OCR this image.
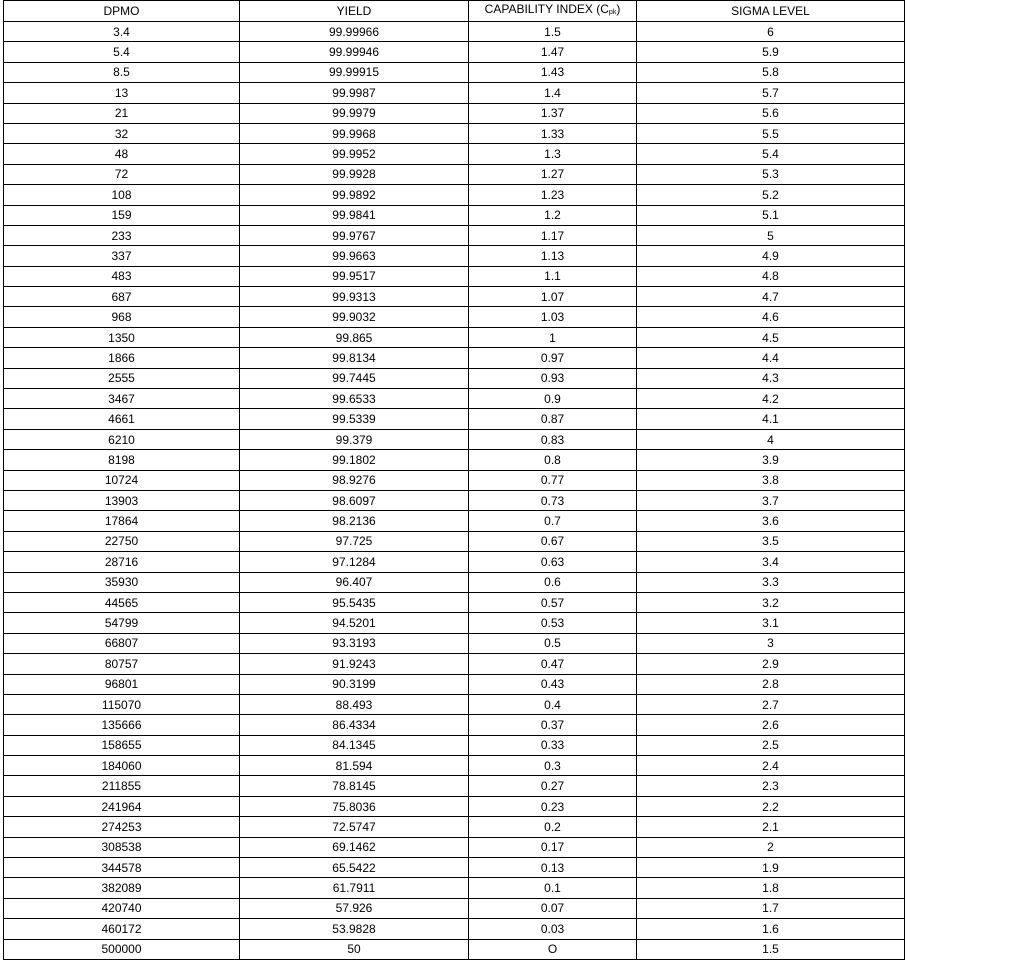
DPMO	YIELD	CAPABILITY INDEX (Cpk)	SIGMA LEVEL
3.4	99.99966	1.5	6
5.4	99.99946	1.47	5.9
8.5	99.99915	1.43	5.8
13	99.9987	1.4	5.7
21	99.9979	1.37	5.6
32	99.9968	1.33	5.5
48	99.9952	1.3	5.4
72	99.9928	1.27	5.3
108	99.9892	1.23	5.2
159	99.9841	1.2	5.1
233	99.9767	1.17	5
337	99.9663	1.13	4.9
483	99.9517	1.1	4.8
687	99.9313	1.07	4.7
968	99.9032	1.03	4.6
1350	99.865	1	4.5
1866	99.8134	0.97	4.4
2555	99.7445	0.93	4.3
3467	99.6533	0.9	4.2
4661	99.5339	0.87	4.1
6210	99.379	0.83	4
8198	99.1802	0.8	3.9
10724	98.9276	0.77	3.8
13903	98.6097	0.73	3.7
17864	98.2136	0.7	3.6
22750	97.725	0.67	3.5
28716	97.1284	0.63	3.4
35930	96.407	0.6	3.3
44565	95.5435	0.57	3.2
54799	94.5201	0.53	3.1
66807	93.3193	0.5	3
80757	91.9243	0.47	2.9
96801	90.3199	0.43	2.8
115070	88.493	0.4	2.7
135666	86.4334	0.37	2.6
158655	84.1345	0.33	2.5
184060	81.594	0.3	2.4
211855	78.8145	0.27	2.3
241964	75.8036	0.23	2.2
274253	72.5747	0.2	2.1
308538	69.1462	0.17	2
344578	65.5422	0.13	1.9
382089	61.7911	0.1	1.8
420740	57.926	0.07	1.7
460172	53.9828	0.03	1.6
500000	50	O	1.5
